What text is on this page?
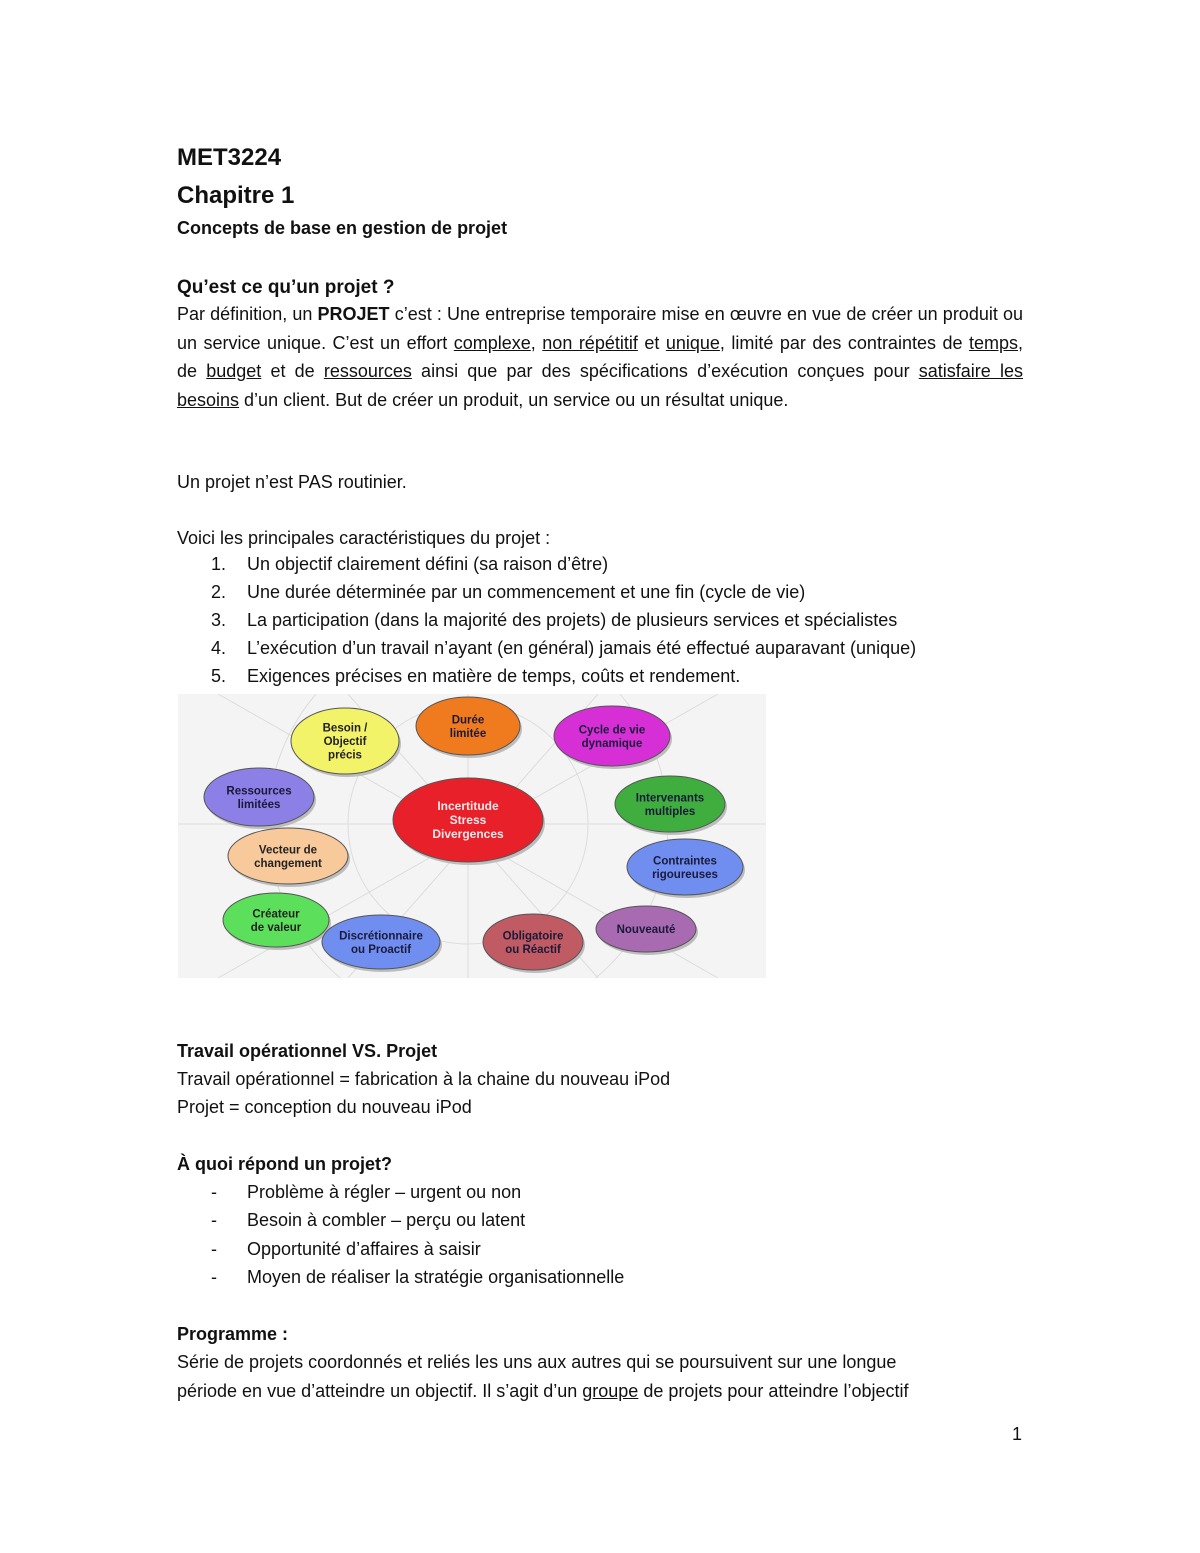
MET3224
Chapitre 1
Concepts de base en gestion de projet
Qu’est ce qu’un projet ?
Par définition, un PROJET c’est : Une entreprise temporaire mise en œuvre en vue de créer un produit ou un service unique. C’est un effort complexe, non répétitif et unique, limité par des contraintes de temps, de budget et de ressources ainsi que par des spécifications d’exécution conçues pour satisfaire les besoins d’un client. But de créer un produit, un service ou un résultat unique.
Un projet n’est PAS routinier.
Voici les principales caractéristiques du projet :
1.	Un objectif clairement défini (sa raison d’être)
2.	Une durée déterminée par un commencement et une fin (cycle de vie)
3.	La participation (dans la majorité des projets) de plusieurs services et spécialistes
4.	L’exécution d’un travail n’ayant (en général) jamais été effectué auparavant (unique)
5.	Exigences précises en matière de temps, coûts et rendement.
Besoin /
Objectif
précis
Durée
limitée	Cycle de vie
dynamique
Ressources
limitées
Intervenants
multiples
Vecteur de
changement	Contraintes
rigoureuses
Créateur
de valeur
Discrétionnaire
ou Proactif
Obligatoire
ou Réactif
Nouveauté
Incertitude
Stress
Divergences
Travail opérationnel VS. Projet
Travail opérationnel = fabrication à la chaine du nouveau iPod
Projet = conception du nouveau iPod
À quoi répond un projet?
-	Problème à régler – urgent ou non
-	Besoin à combler – perçu ou latent
-	Opportunité d’affaires à saisir
-	Moyen de réaliser la stratégie organisationnelle
Programme :
Série de projets coordonnés et reliés les uns aux autres qui se poursuivent sur une longue
période en vue d’atteindre un objectif. Il s’agit d’un groupe de projets pour atteindre l’objectif
1
